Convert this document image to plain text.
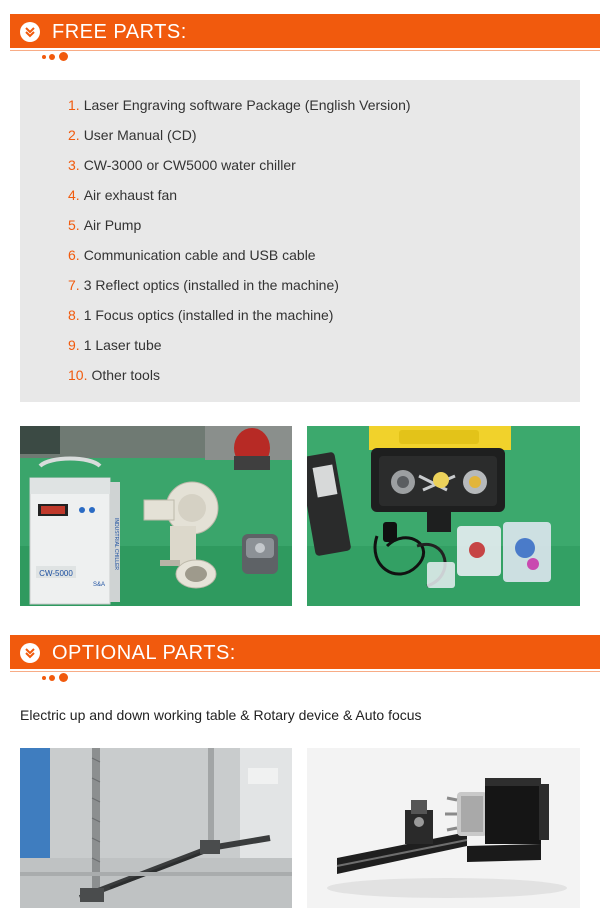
FREE PARTS:
1. Laser Engraving software Package (English Version)
2. User Manual (CD)
3. CW-3000 or CW5000 water chiller
4. Air exhaust fan
5. Air Pump
6. Communication cable and USB cable
7. 3 Reflect optics (installed in the machine)
8. 1 Focus optics (installed in the machine)
9. 1 Laser tube
10. Other tools
CW-5000
INDUSTRIAL CHILLER
S&A
OPTIONAL PARTS:
Electric up and down working table & Rotary device & Auto focus
